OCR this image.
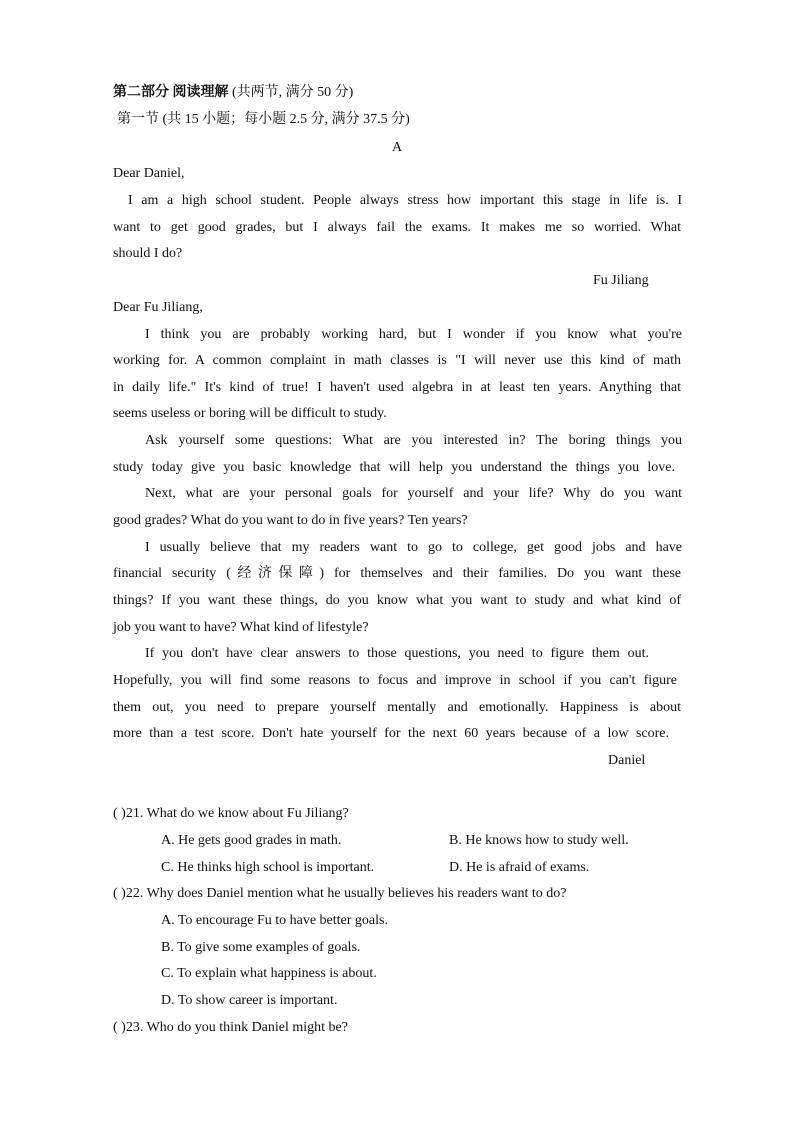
第二部分 阅读理解 (共两节, 满分 50 分)
第一节 (共 15 小题；每小题 2.5 分, 满分 37.5 分)
A
Dear Daniel,
I am a high school student. People always stress how important this stage in life is. I
want to get good grades, but I always fail the exams. It makes me so worried. What
should I do?
Fu Jiliang
Dear Fu Jiliang,
I think you are probably working hard, but I wonder if you know what you're
working for. A common complaint in math classes is "I will never use this kind of math
in daily life." It's kind of true! I haven't used algebra in at least ten years. Anything that
seems useless or boring will be difficult to study.
Ask yourself some questions: What are you interested in? The boring things you
study today give you basic knowledge that will help you understand the things you love.
Next, what are your personal goals for yourself and your life? Why do you want
good grades? What do you want to do in five years? Ten years?
I usually believe that my readers want to go to college, get good jobs and have
financial security (经济保障) for themselves and their families. Do you want these
things? If you want these things, do you know what you want to study and what kind of
job you want to have? What kind of lifestyle?
If you don't have clear answers to those questions, you need to figure them out.
Hopefully, you will find some reasons to focus and improve in school if you can't figure
them out, you need to prepare yourself mentally and emotionally. Happiness is about
more than a test score. Don't hate yourself for the next 60 years because of a low score.
Daniel
( )21. What do we know about Fu Jiliang?
A. He gets good grades in math.	B. He knows how to study well.
C. He thinks high school is important.	D. He is afraid of exams.
( )22. Why does Daniel mention what he usually believes his readers want to do?
A. To encourage Fu to have better goals.
B. To give some examples of goals.
C. To explain what happiness is about.
D. To show career is important.
( )23. Who do you think Daniel might be?
